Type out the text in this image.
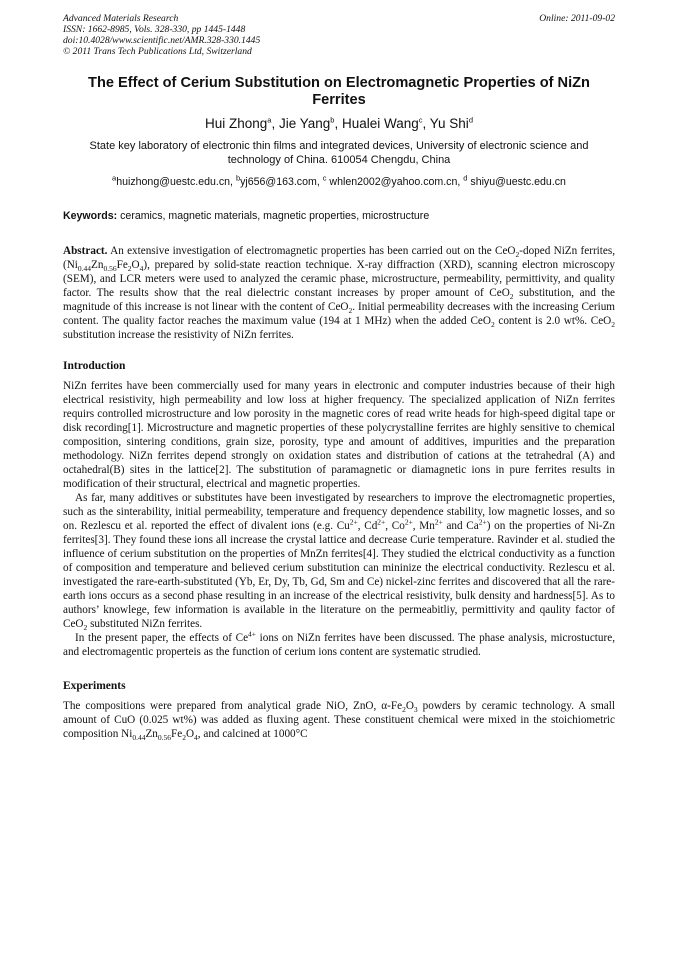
Advanced Materials Research
ISSN: 1662-8985, Vols. 328-330, pp 1445-1448
doi:10.4028/www.scientific.net/AMR.328-330.1445
© 2011 Trans Tech Publications Ltd, Switzerland
Online: 2011-09-02
The Effect of Cerium Substitution on Electromagnetic Properties of NiZn Ferrites
Hui Zhong$^a$, Jie Yang$^b$, Hualei Wang$^c$, Yu Shi$^d$
State key laboratory of electronic thin films and integrated devices, University of electronic science and technology of China. 610054 Chengdu, China
$^a$huizhong@uestc.edu.cn, $^b$yj656@163.com, $^c$ whlen2002@yahoo.com.cn, $^d$ shiyu@uestc.edu.cn
Keywords: ceramics, magnetic materials, magnetic properties, microstructure
Abstract. An extensive investigation of electromagnetic properties has been carried out on the CeO$_2$-doped NiZn ferrites, $(Ni_{0.44}Zn_{0.56}Fe_2O_4)$, prepared by solid-state reaction technique. X-ray diffraction (XRD), scanning electron microscopy (SEM), and LCR meters were used to analyzed the ceramic phase, microstructure, permeability, permittivity, and quality factor. The results show that the real dielectric constant increases by proper amount of CeO$_2$ substitution, and the magnitude of this increase is not linear with the content of CeO$_2$. Initial permeability decreases with the increasing Cerium content. The quality factor reaches the maximum value (194 at 1 MHz) when the added CeO$_2$ content is 2.0 wt%. CeO$_2$ substitution increase the resistivity of NiZn ferrites.
Introduction
NiZn ferrites have been commercially used for many years in electronic and computer industries because of their high electrical resistivity, high permeability and low loss at higher frequency. The specialized application of NiZn ferrites requirs controlled microstructure and low porosity in the magnetic cores of read write heads for high-speed digital tape or disk recording[1]. Microstructure and magnetic properties of these polycrystalline ferrites are highly sensitive to chemical composition, sintering conditions, grain size, porosity, type and amount of additives, impurities and the preparation methodology. NiZn ferrites depend strongly on oxidation states and distribution of cations at the tetrahedral (A) and octahedral(B) sites in the lattice[2]. The substitution of paramagnetic or diamagnetic ions in pure ferrites results in modification of their structural, electrical and magnetic properties.
As far, many additives or substitutes have been investigated by researchers to improve the electromagnetic properties, such as the sinterability, initial permeability, temperature and frequency dependence stability, low magnetic losses, and so on. Rezlescu et al. reported the effect of divalent ions (e.g. $Cu^{2+}$, $Cd^{2+}$, $Co^{2+}$, $Mn^{2+}$ and $Ca^{2+}$) on the properties of Ni-Zn ferrites[3]. They found these ions all increase the crystal lattice and decrease Curie temperature. Ravinder et al. studied the influence of cerium substitution on the properties of MnZn ferrites[4]. They studied the elctrical conductivity as a function of composition and temperature and believed cerium substitution can mininize the electrical conductivity. Rezlescu et al. investigated the rare-earth-substituted (Yb, Er, Dy, Tb, Gd, Sm and Ce) nickel-zinc ferrites and discovered that all the rare-earth ions occurs as a second phase resulting in an increase of the electrical resistivity, bulk density and hardness[5]. As to authors’ knowlege, few information is available in the literature on the permeabitliy, permittivity and qaulity factor of CeO$_2$ substituted NiZn ferrites.
In the present paper, the effects of $Ce^{4+}$ ions on NiZn ferrites have been discussed. The phase analysis, microstucture, and electromagentic properteis as the function of cerium ions content are systematic strudied.
Experiments
The compositions were prepared from analytical grade NiO, ZnO, $\alpha-Fe_2O_3$ powders by ceramic technology. A small amount of CuO (0.025 wt%) was added as fluxing agent. These constituent chemical were mixed in the stoichiometric composition $Ni_{0.44}Zn_{0.56}Fe_2O_4$, and calcined at 1000°C
